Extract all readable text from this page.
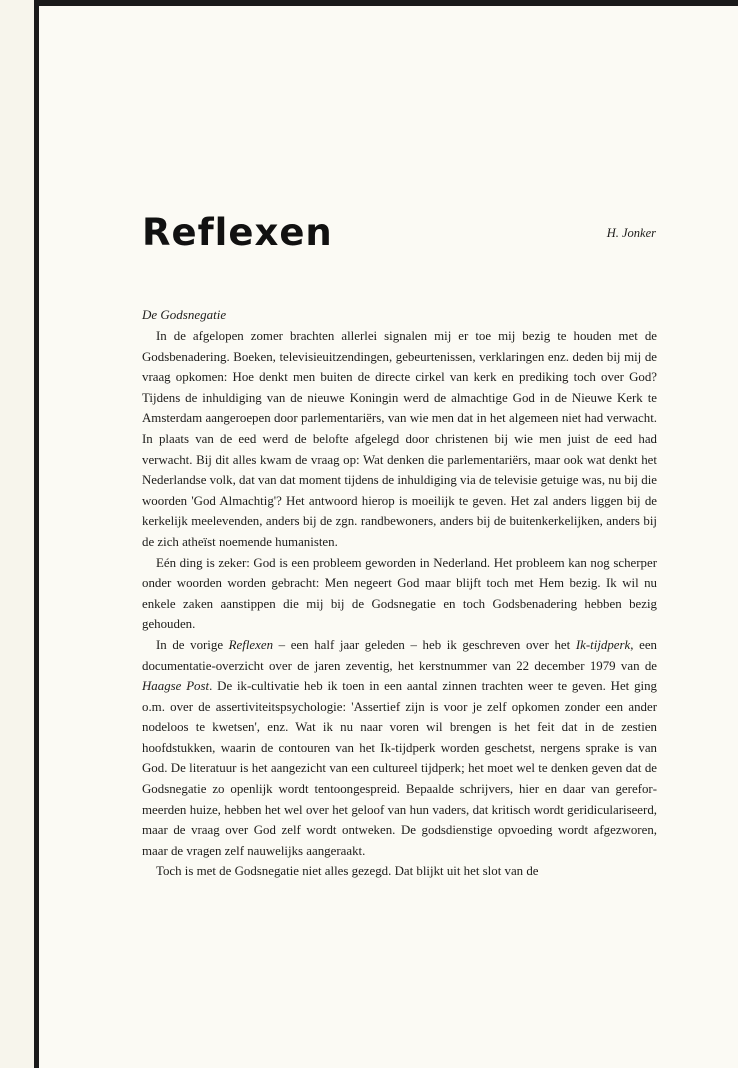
Reflexen	H. Jonker
De Godsnegatie

In de afgelopen zomer brachten allerlei signalen mij er toe mij bezig te houden met de Godsbenadering. Boeken, televisieuitzendingen, gebeurtenissen, verklaringen enz. deden bij mij de vraag opkomen: Hoe denkt men buiten de directe cirkel van kerk en prediking toch over God? Tijdens de inhuldiging van de nieuwe Koningin werd de almachtige God in de Nieuwe Kerk te Amsterdam aangeroepen door parlementariërs, van wie men dat in het algemeen niet had verwacht. In plaats van de eed werd de belofte afgelegd door christenen bij wie men juist de eed had verwacht. Bij dit alles kwam de vraag op: Wat denken die parlementariërs, maar ook wat denkt het Nederlandse volk, dat van dat moment tijdens de inhuldiging via de televisie getuige was, nu bij die woorden 'God Almachtig'? Het antwoord hierop is moeilijk te geven. Het zal anders liggen bij de kerkelijk meelevenden, anders bij de zgn. randbewoners, anders bij de buitenkerkelijken, anders bij de zich atheïst noemende humanisten.

Eén ding is zeker: God is een probleem geworden in Nederland. Het probleem kan nog scherper onder woorden worden gebracht: Men negeert God maar blijft toch met Hem bezig. Ik wil nu enkele zaken aanstippen die mij bij de Godsnegatie en toch Godsbenadering hebben bezig gehouden.

In de vorige Reflexen – een half jaar geleden – heb ik geschreven over het Ik-tijdperk, een documentatie-overzicht over de jaren zeventig, het kerstnummer van 22 december 1979 van de Haagse Post. De ik-cultivatie heb ik toen in een aantal zinnen trachten weer te geven. Het ging o.m. over de assertiviteitspsychologie: 'Assertief zijn is voor je zelf opkomen zonder een ander nodeloos te kwetsen', enz. Wat ik nu naar voren wil brengen is het feit dat in de zestien hoofdstukken, waarin de contouren van het Ik-tijdperk worden geschetst, nergens sprake is van God. De literatuur is het aangezicht van een cultureel tijdperk; het moet wel te denken geven dat de Godsnegatie zo openlijk wordt tentoongespreid. Bepaalde schrijvers, hier en daar van gereformeerden huize, hebben het wel over het geloof van hun vaders, dat kritisch wordt geridiculariseerd, maar de vraag over God zelf wordt ontweken. De godsdienstige opvoeding wordt afgezworen, maar de vragen zelf nauwelijks aangeraakt.

Toch is met de Godsnegatie niet alles gezegd. Dat blijkt uit het slot van de
